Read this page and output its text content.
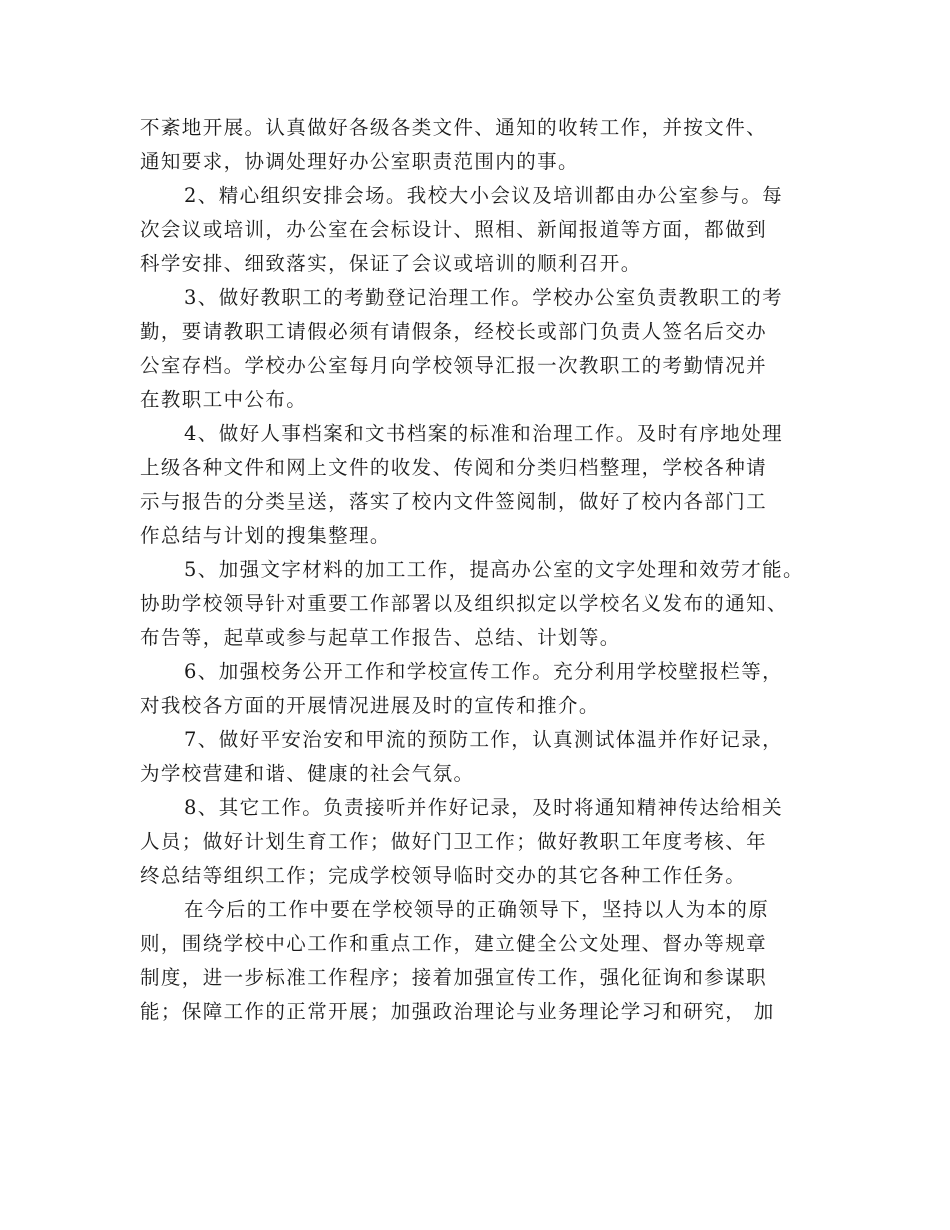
不紊地开展。认真做好各级各类文件、通知的收转工作，并按文件、
通知要求，协调处理好办公室职责范围内的事。
2、精心组织安排会场。我校大小会议及培训都由办公室参与。每
次会议或培训，办公室在会标设计、照相、新闻报道等方面，都做到
科学安排、细致落实，保证了会议或培训的顺利召开。
3、做好教职工的考勤登记治理工作。学校办公室负责教职工的考
勤，要请教职工请假必须有请假条，经校长或部门负责人签名后交办
公室存档。学校办公室每月向学校领导汇报一次教职工的考勤情况并
在教职工中公布。
4、做好人事档案和文书档案的标准和治理工作。及时有序地处理
上级各种文件和网上文件的收发、传阅和分类归档整理，学校各种请
示与报告的分类呈送，落实了校内文件签阅制，做好了校内各部门工
作总结与计划的搜集整理。
5、加强文字材料的加工工作，提高办公室的文字处理和效劳才能。
协助学校领导针对重要工作部署以及组织拟定以学校名义发布的通知、
布告等，起草或参与起草工作报告、总结、计划等。
6、加强校务公开工作和学校宣传工作。充分利用学校壁报栏等，
对我校各方面的开展情况进展及时的宣传和推介。
7、做好平安治安和甲流的预防工作，认真测试体温并作好记录，
为学校营建和谐、健康的社会气氛。
8、其它工作。负责接听并作好记录，及时将通知精神传达给相关
人员；做好计划生育工作；做好门卫工作；做好教职工年度考核、年
终总结等组织工作；完成学校领导临时交办的其它各种工作任务。
在今后的工作中要在学校领导的正确领导下，坚持以人为本的原
则，围绕学校中心工作和重点工作，建立健全公文处理、督办等规章
制度，进一步标准工作程序；接着加强宣传工作，强化征询和参谋职
能；保障工作的正常开展；加强政治理论与业务理论学习和研究， 加
